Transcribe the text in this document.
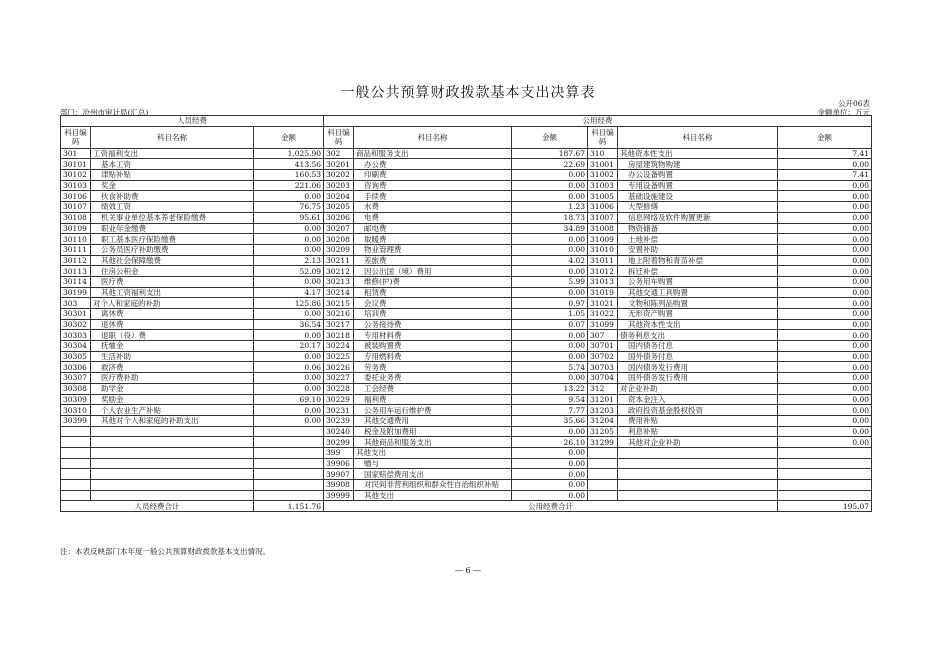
一般公共预算财政拨款基本支出决算表
公开06表
部门：沧州市审计局(汇总)	金额单位：万元
人员经费			公用经费					
科目编码	科目名称	金额	科目编码	科目名称	金额	科目编码	科目名称	金额
301	工资福利支出	1,025.90	302	商品和服务支出	187.67	310	其他资本性支出	7.41
30101	基本工资	413.56	30201	办公费	22.69	31001	房屋建筑物购建	0.00
30102	津贴补贴	160.53	30202	印刷费	0.00	31002	办公设备购置	7.41
30103	奖金	221.06	30203	咨询费	0.00	31003	专用设备购置	0.00
30106	伙食补助费	0.00	30204	手续费	0.00	31005	基础设施建设	0.00
30107	绩效工资	76.75	30205	水费	1.23	31006	大型修缮	0.00
30108	机关事业单位基本养老保险缴费	95.61	30206	电费	18.73	31007	信息网络及软件购置更新	0.00
30109	职业年金缴费	0.00	30207	邮电费	34.89	31008	物资储备	0.00
30110	职工基本医疗保险缴费	0.00	30208	取暖费	0.00	31009	土地补偿	0.00
30111	公务员医疗补助缴费	0.00	30209	物业管理费	0.00	31010	安置补助	0.00
30112	其他社会保障缴费	2.13	30211	差旅费	4.02	31011	地上附着物和青苗补偿	0.00
30113	住房公积金	52.09	30212	因公出国（境）费用	0.00	31012	拆迁补偿	0.00
30114	医疗费	0.00	30213	维修(护)费	5.99	31013	公务用车购置	0.00
30199	其他工资福利支出	4.17	30214	租赁费	0.00	31019	其他交通工具购置	0.00
303	对个人和家庭的补助	125.86	30215	会议费	0.97	31021	文物和陈列品购置	0.00
30301	离休费	0.00	30216	培训费	1.05	31022	无形资产购置	0.00
30302	退休费	36.54	30217	公务接待费	0.07	31099	其他资本性支出	0.00
30303	退职（役）费	0.00	30218	专用材料费	0.00	307	债务利息支出	0.00
30304	抚恤金	20.17	30224	被装购置费	0.00	30701	国内债务付息	0.00
30305	生活补助	0.00	30225	专用燃料费	0.00	30702	国外债务付息	0.00
30306	救济费	0.06	30226	劳务费	5.74	30703	国内债务发行费用	0.00
30307	医疗费补助	0.00	30227	委托业务费	0.00	30704	国外债务发行费用	0.00
30308	助学金	0.00	30228	工会经费	13.22	312	对企业补助	0.00
30309	奖励金	69.10	30229	福利费	9.54	31201	资本金注入	0.00
30310	个人农业生产补贴	0.00	30231	公务用车运行维护费	7.77	31203	政府投资基金股权投资	0.00
30399	其他对个人和家庭的补助支出	0.00	30239	其他交通费用	35.66	31204	费用补贴	0.00
			30240	税金及附加费用	0.00	31205	利息补贴	0.00
			30299	其他商品和服务支出	26.10	31299	其他对企业补助	0.00
			399	其他支出	0.00			
			39906	赠与	0.00			
			39907	国家赔偿费用支出	0.00			
			39908	对民间非营利组织和群众性自治组织补贴	0.00			
			39999	其他支出	0.00			
人员经费合计		1,151.76	公用经费合计					195.07
注：本表反映部门本年度一般公共预算财政拨款基本支出情况。
— 6 —
